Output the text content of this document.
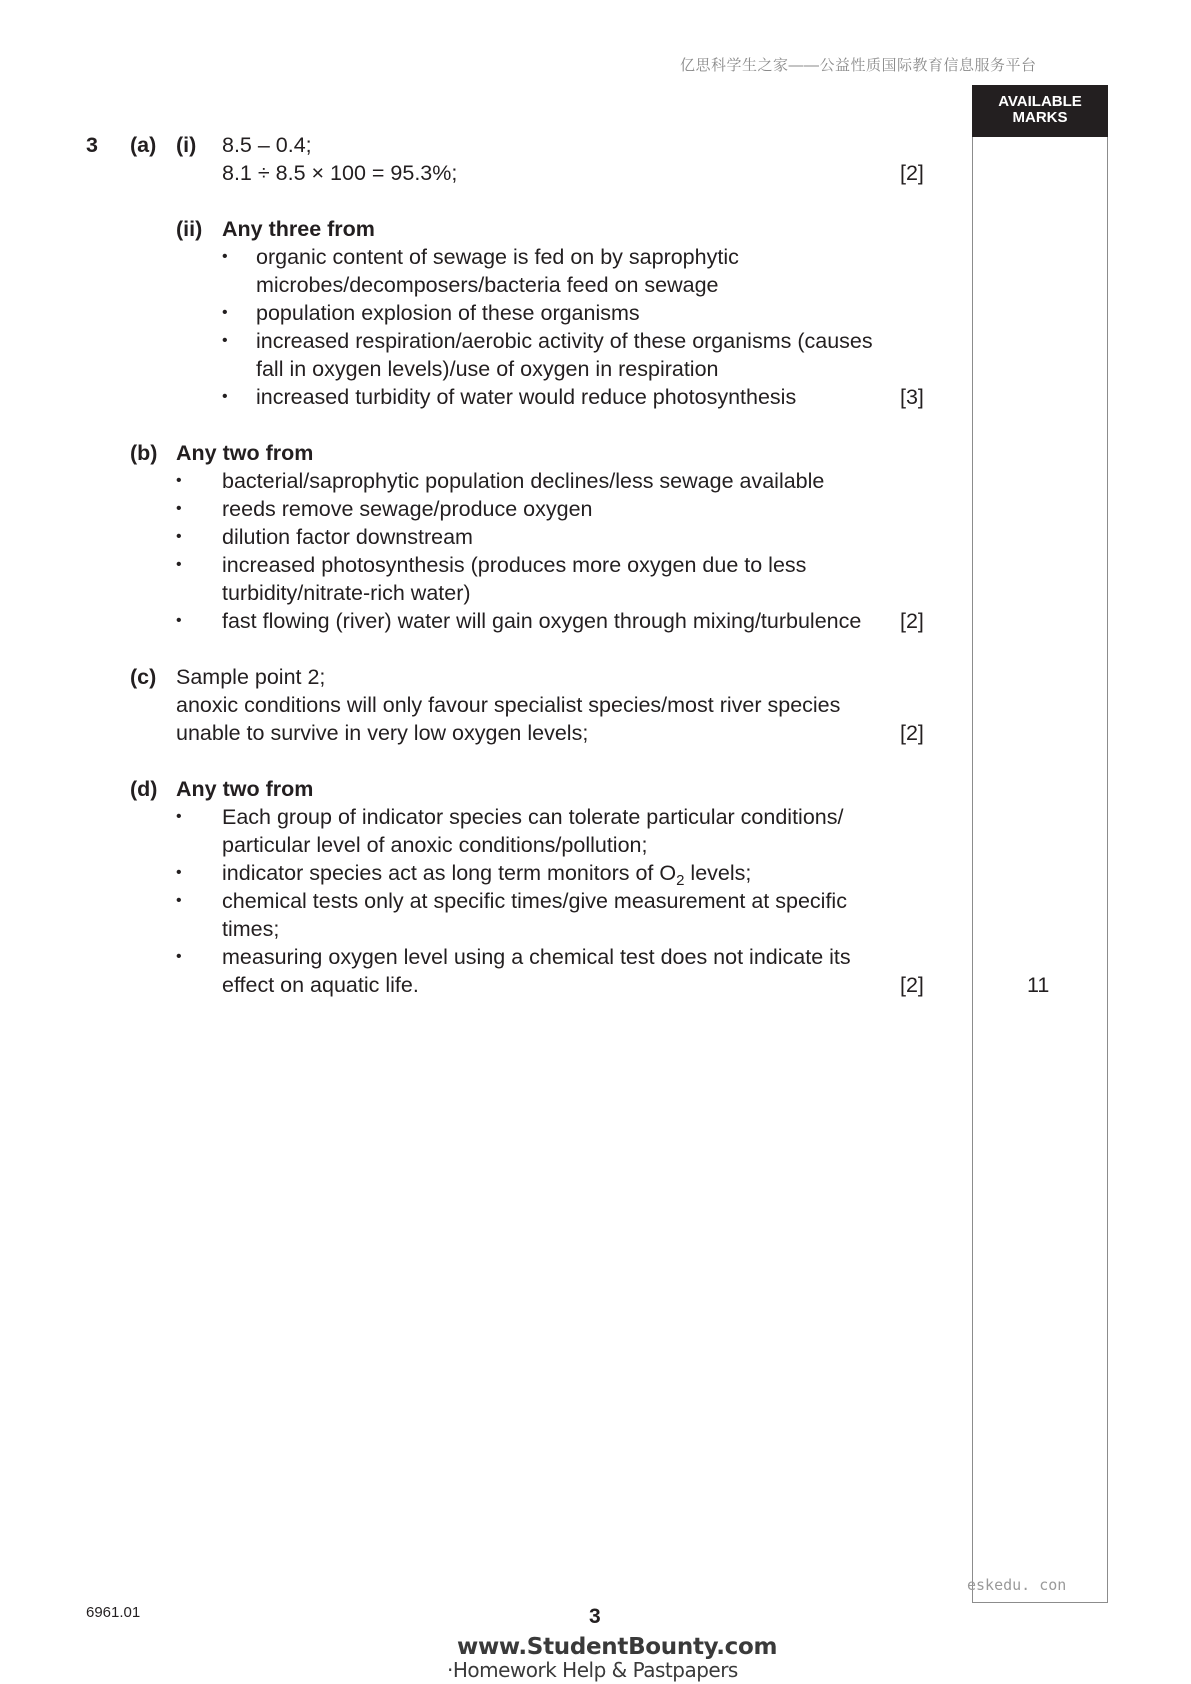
亿思科学生之家——公益性质国际教育信息服务平台
AVAILABLE
MARKS
3 (a) (i) 8.5 – 0.4;
8.1 ÷ 8.5 × 100 = 95.3%;	[2]
(ii) Any three from
• organic content of sewage is fed on by saprophytic
microbes/decomposers/bacteria feed on sewage
• population explosion of these organisms
• increased respiration/aerobic activity of these organisms (causes
fall in oxygen levels)/use of oxygen in respiration
• increased turbidity of water would reduce photosynthesis	[3]
(b) Any two from
• bacterial/saprophytic population declines/less sewage available
• reeds remove sewage/produce oxygen
• dilution factor downstream
• increased photosynthesis (produces more oxygen due to less
turbidity/nitrate-rich water)
• fast flowing (river) water will gain oxygen through mixing/turbulence [2]
(c) Sample point 2;
anoxic conditions will only favour specialist species/most river species
unable to survive in very low oxygen levels;	[2]
(d) Any two from
• Each group of indicator species can tolerate particular conditions/
particular level of anoxic conditions/pollution;
• indicator species act as long term monitors of $O_2$ levels;
• chemical tests only at specific times/give measurement at specific
times;
• measuring oxygen level using a chemical test does not indicate its
effect on aquatic life.	[2]	11
eskedu. con
6961.01	3
www.StudentBounty.com
·Homework Help & Pastpapers
